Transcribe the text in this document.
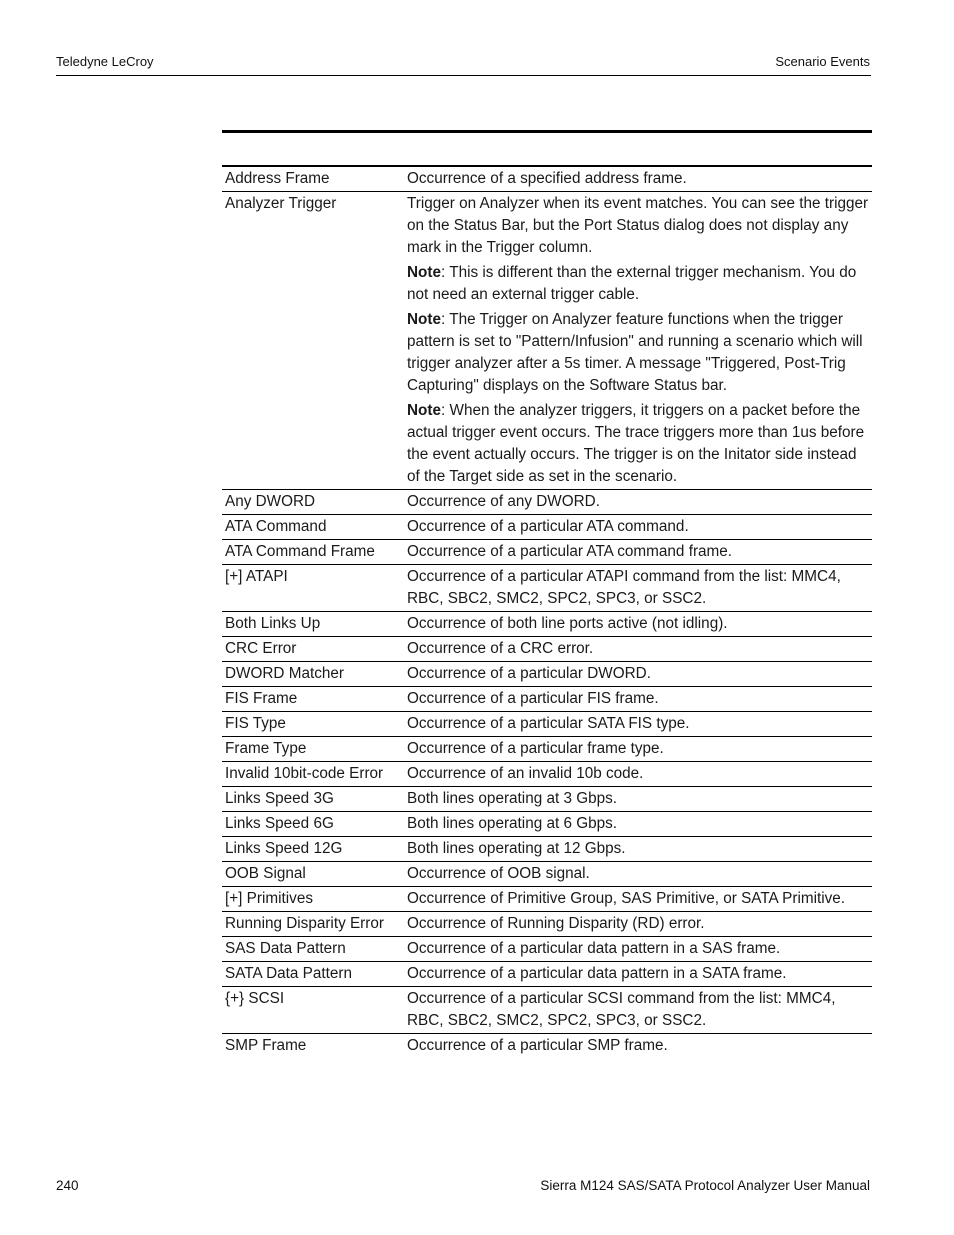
Teledyne LeCroy	Scenario Events
Address Frame	Occurrence of a specified address frame.

Analyzer Trigger	Trigger on Analyzer when its event matches. You can see the trigger on the Status Bar, but the Port Status dialog does not display any mark in the Trigger column.
Note: This is different than the external trigger mechanism. You do not need an external trigger cable.
Note: The Trigger on Analyzer feature functions when the trigger pattern is set to "Pattern/Infusion" and running a scenario which will trigger analyzer after a 5s timer. A message "Triggered, Post-Trig Capturing" displays on the Software Status bar.
Note: When the analyzer triggers, it triggers on a packet before the actual trigger event occurs. The trace triggers more than 1us before the event actually occurs. The trigger is on the Initator side instead of the Target side as set in the scenario.

Any DWORD	Occurrence of any DWORD.

ATA Command	Occurrence of a particular ATA command.

ATA Command Frame	Occurrence of a particular ATA command frame.

[+] ATAPI	Occurrence of a particular ATAPI command from the list: MMC4, RBC, SBC2, SMC2, SPC2, SPC3, or SSC2.

Both Links Up	Occurrence of both line ports active (not idling).

CRC Error	Occurrence of a CRC error.

DWORD Matcher	Occurrence of a particular DWORD.

FIS Frame	Occurrence of a particular FIS frame.

FIS Type	Occurrence of a particular SATA FIS type.

Frame Type	Occurrence of a particular frame type.

Invalid 10bit-code Error	Occurrence of an invalid 10b code.

Links Speed 3G	Both lines operating at 3 Gbps.

Links Speed 6G	Both lines operating at 6 Gbps.

Links Speed 12G	Both lines operating at 12 Gbps.

OOB Signal	Occurrence of OOB signal.

[+] Primitives	Occurrence of Primitive Group, SAS Primitive, or SATA Primitive.

Running Disparity Error	Occurrence of Running Disparity (RD) error.

SAS Data Pattern	Occurrence of a particular data pattern in a SAS frame.

SATA Data Pattern	Occurrence of a particular data pattern in a SATA frame.

{+} SCSI	Occurrence of a particular SCSI command from the list: MMC4, RBC, SBC2, SMC2, SPC2, SPC3, or SSC2.

SMP Frame	Occurrence of a particular SMP frame.
240	Sierra M124 SAS/SATA Protocol Analyzer User Manual
